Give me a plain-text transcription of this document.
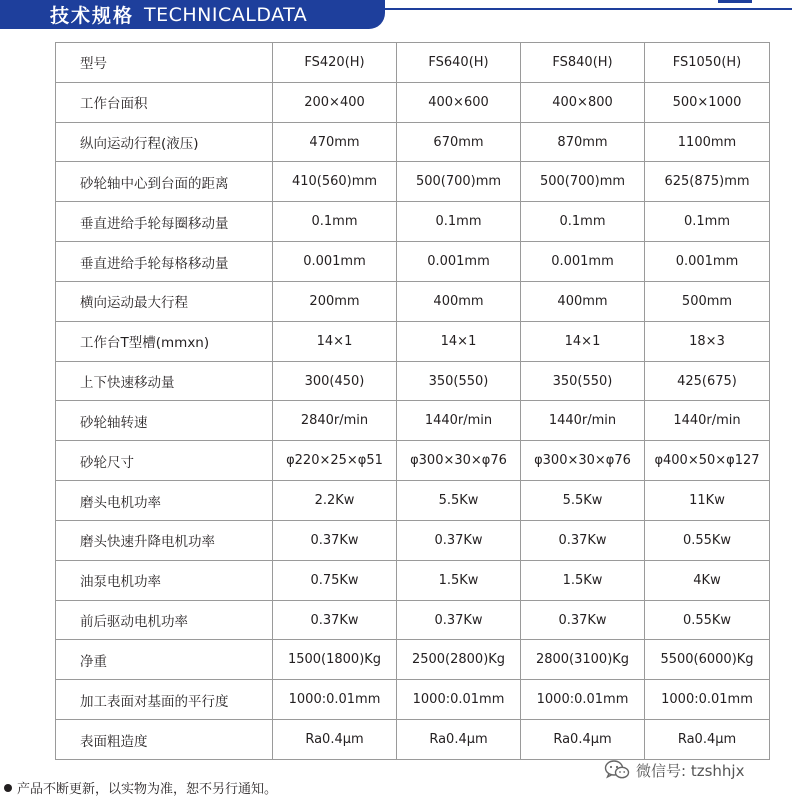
技术规格 TECHNICALDATA
型号	FS420(H)	FS640(H)	FS840(H)	FS1050(H)
工作台面积	200×400	400×600	400×800	500×1000
纵向运动行程(液压)	470mm	670mm	870mm	1100mm
砂轮轴中心到台面的距离	410(560)mm	500(700)mm	500(700)mm	625(875)mm
垂直进给手轮每圈移动量	0.1mm	0.1mm	0.1mm	0.1mm
垂直进给手轮每格移动量	0.001mm	0.001mm	0.001mm	0.001mm
横向运动最大行程	200mm	400mm	400mm	500mm
工作台T型槽(mmxn)	14×1	14×1	14×1	18×3
上下快速移动量	300(450)	350(550)	350(550)	425(675)
砂轮轴转速	2840r/min	1440r/min	1440r/min	1440r/min
砂轮尺寸	φ220×25×φ51	φ300×30×φ76	φ300×30×φ76	φ400×50×φ127
磨头电机功率	2.2Kw	5.5Kw	5.5Kw	11Kw
磨头快速升降电机功率	0.37Kw	0.37Kw	0.37Kw	0.55Kw
油泵电机功率	0.75Kw	1.5Kw	1.5Kw	4Kw
前后驱动电机功率	0.37Kw	0.37Kw	0.37Kw	0.55Kw
净重	1500(1800)Kg	2500(2800)Kg	2800(3100)Kg	5500(6000)Kg
加工表面对基面的平行度	1000:0.01mm	1000:0.01mm	1000:0.01mm	1000:0.01mm
表面粗造度	Ra0.4μm	Ra0.4μm	Ra0.4μm	Ra0.4μm
产品不断更新，以实物为准，恕不另行通知。
微信号: tzshhjx
